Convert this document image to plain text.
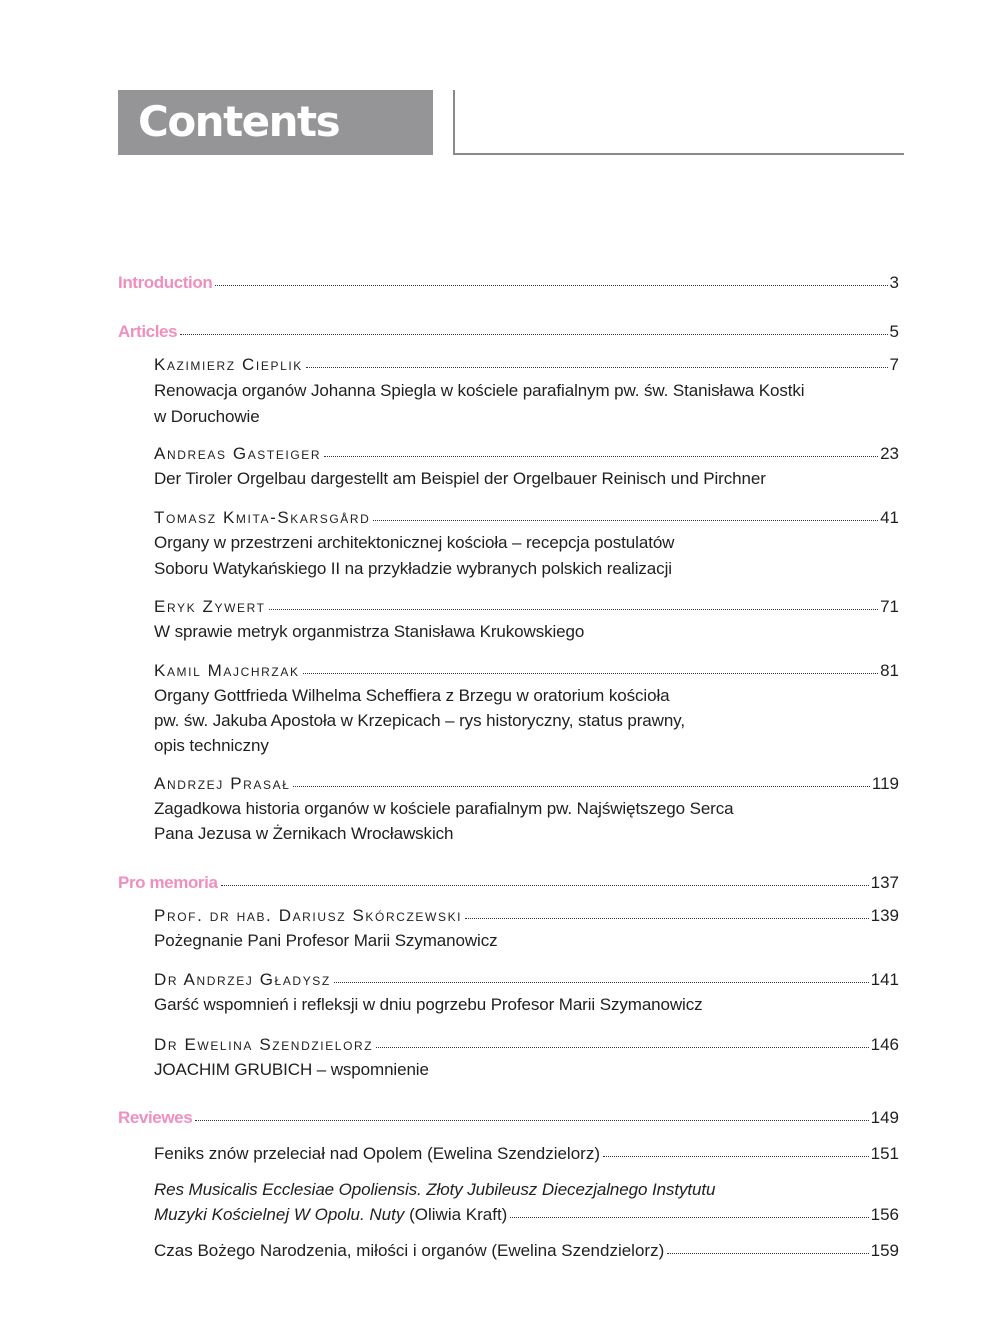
Contents
Introduction	3
Articles	5
Kazimierz Cieplik	7
Renowacja organów Johanna Spiegla w kościele parafialnym pw. św. Stanisława Kostki
w Doruchowie
Andreas Gasteiger	23
Der Tiroler Orgelbau dargestellt am Beispiel der Orgelbauer Reinisch und Pirchner
Tomasz Kmita-Skarsgård	41
Organy w przestrzeni architektonicznej kościoła – recepcja postulatów
Soboru Watykańskiego II na przykładzie wybranych polskich realizacji
Eryk Zywert	71
W sprawie metryk organmistrza Stanisława Krukowskiego
Kamil Majchrzak	81
Organy Gottfrieda Wilhelma Scheffiera z Brzegu w oratorium kościoła
pw. św. Jakuba Apostoła w Krzepicach – rys historyczny, status prawny,
opis techniczny
Andrzej Prasał	119
Zagadkowa historia organów w kościele parafialnym pw. Najświętszego Serca
Pana Jezusa w Żernikach Wrocławskich
Pro memoria	137
Prof. dr hab. Dariusz Skórczewski	139
Pożegnanie Pani Profesor Marii Szymanowicz
Dr Andrzej Gładysz	141
Garść wspomnień i refleksji w dniu pogrzebu Profesor Marii Szymanowicz
Dr Ewelina Szendzielorz	146
JOACHIM GRUBICH – wspomnienie
Reviewes	149
Feniks znów przeleciał nad Opolem (Ewelina Szendzielorz)	151
Res Musicalis Ecclesiae Opoliensis. Złoty Jubileusz Diecezjalnego Instytutu
Muzyki Kościelnej W Opolu. Nuty (Oliwia Kraft)	156
Czas Bożego Narodzenia, miłości i organów (Ewelina Szendzielorz)	159
